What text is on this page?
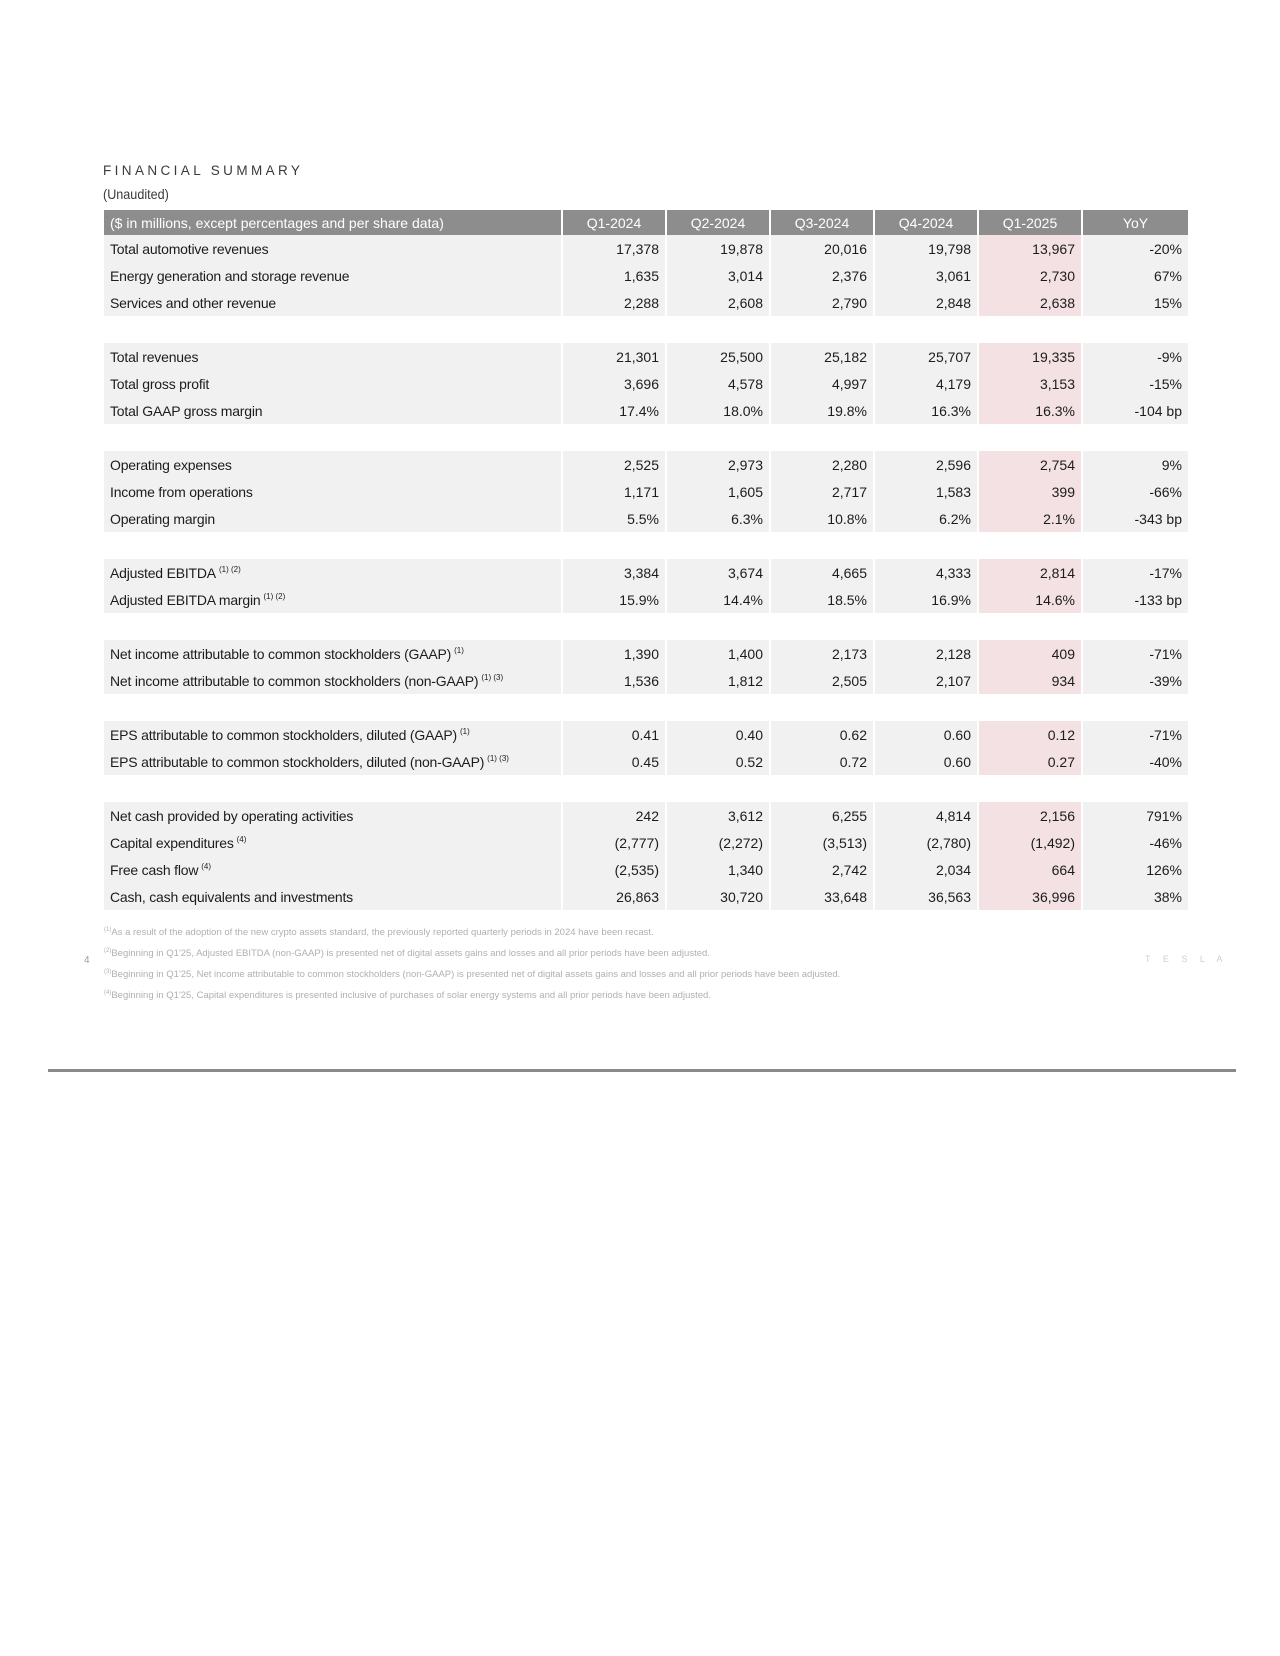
FINANCIAL SUMMARY
(Unaudited)
($ in millions, except percentages and per share data)	Q1-2024	Q2-2024	Q3-2024	Q4-2024	Q1-2025	YoY
Total automotive revenues	17,378	19,878	20,016	19,798	13,967	-20%
Energy generation and storage revenue	1,635	3,014	2,376	3,061	2,730	67%
Services and other revenue	2,288	2,608	2,790	2,848	2,638	15%

Total revenues	21,301	25,500	25,182	25,707	19,335	-9%
Total gross profit	3,696	4,578	4,997	4,179	3,153	-15%
Total GAAP gross margin	17.4%	18.0%	19.8%	16.3%	16.3%	-104 bp

Operating expenses	2,525	2,973	2,280	2,596	2,754	9%
Income from operations	1,171	1,605	2,717	1,583	399	-66%
Operating margin	5.5%	6.3%	10.8%	6.2%	2.1%	-343 bp

Adjusted EBITDA $^{(1) (2)}$	3,384	3,674	4,665	4,333	2,814	-17%
Adjusted EBITDA margin $^{(1) (2)}$	15.9%	14.4%	18.5%	16.9%	14.6%	-133 bp

Net income attributable to common stockholders (GAAP) $^{(1)}$	1,390	1,400	2,173	2,128	409	-71%
Net income attributable to common stockholders (non-GAAP) $^{(1) (3)}$	1,536	1,812	2,505	2,107	934	-39%

EPS attributable to common stockholders, diluted (GAAP) $^{(1)}$	0.41	0.40	0.62	0.60	0.12	-71%
EPS attributable to common stockholders, diluted (non-GAAP) $^{(1) (3)}$	0.45	0.52	0.72	0.60	0.27	-40%

Net cash provided by operating activities	242	3,612	6,255	4,814	2,156	791%
Capital expenditures $^{(4)}$	(2,777)	(2,272)	(3,513)	(2,780)	(1,492)	-46%
Free cash flow $^{(4)}$	(2,535)	1,340	2,742	2,034	664	126%
Cash, cash equivalents and investments	26,863	30,720	33,648	36,563	36,996	38%
$^{(1)}$As a result of the adoption of the new crypto assets standard, the previously reported quarterly periods in 2024 have been recast.
$^{(2)}$Beginning in Q1'25, Adjusted EBITDA (non-GAAP) is presented net of digital assets gains and losses and all prior periods have been adjusted.
$^{(3)}$Beginning in Q1'25, Net income attributable to common stockholders (non-GAAP) is presented net of digital assets gains and losses and all prior periods have been adjusted.
$^{(4)}$Beginning in Q1'25, Capital expenditures is presented inclusive of purchases of solar energy systems and all prior periods have been adjusted.
4	T E S L A
